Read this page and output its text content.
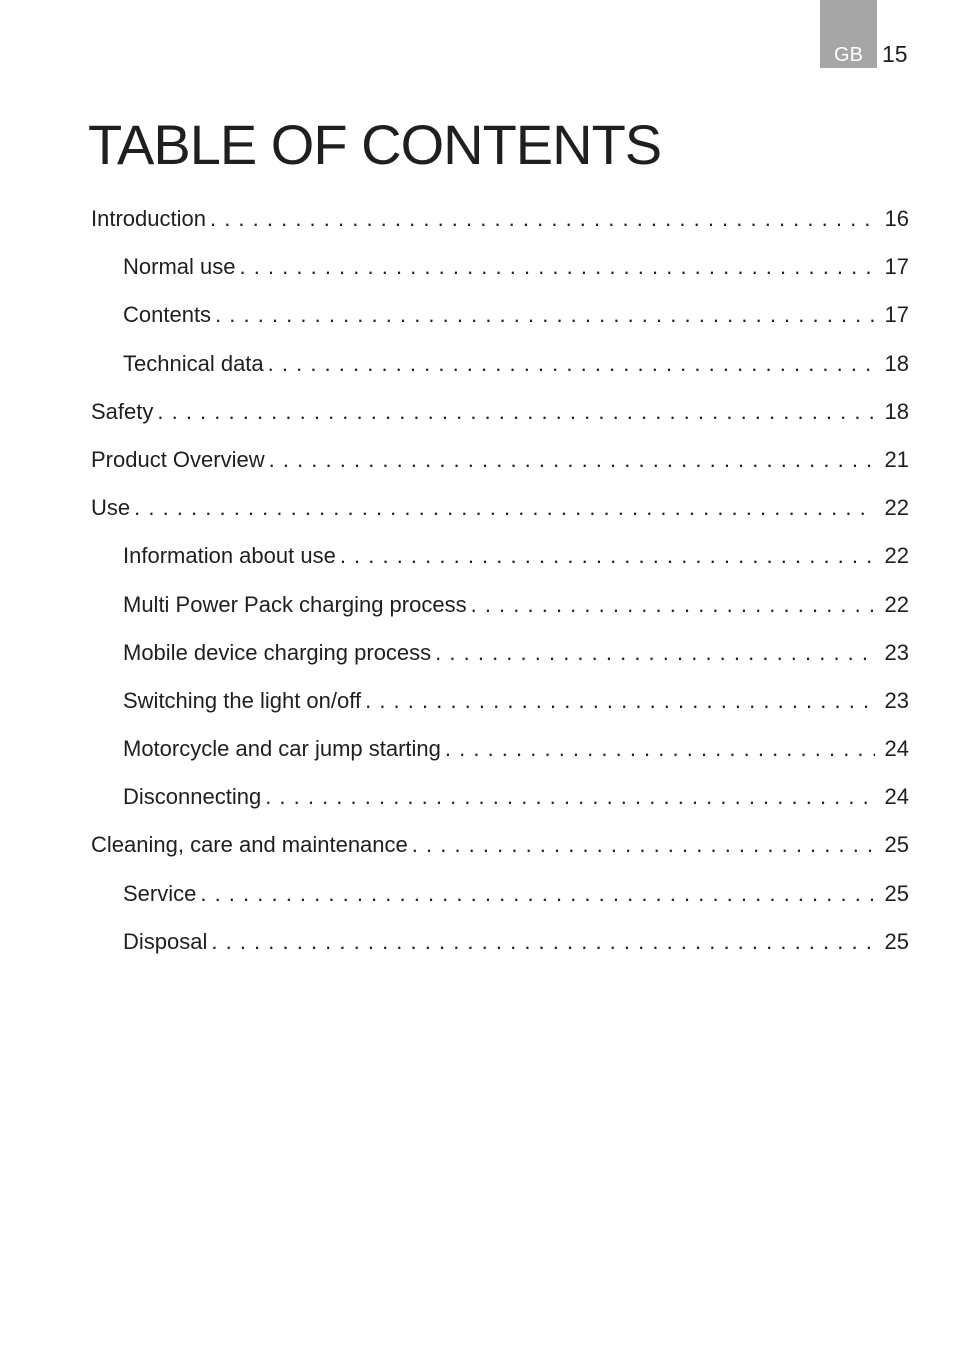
GB 15
TABLE OF CONTENTS
Introduction . . .	16
Normal use . . .	17
Contents . . .	17
Technical data . . .	18
Safety . . .	18
Product Overview . . .	21
Use . . .	22
Information about use . . .	22
Multi Power Pack charging process . . .	22
Mobile device charging process . . .	23
Switching the light on/off . . .	23
Motorcycle and car jump starting . . .	24
Disconnecting . . .	24
Cleaning, care and maintenance . . .	25
Service . . .	25
Disposal . . .	25
